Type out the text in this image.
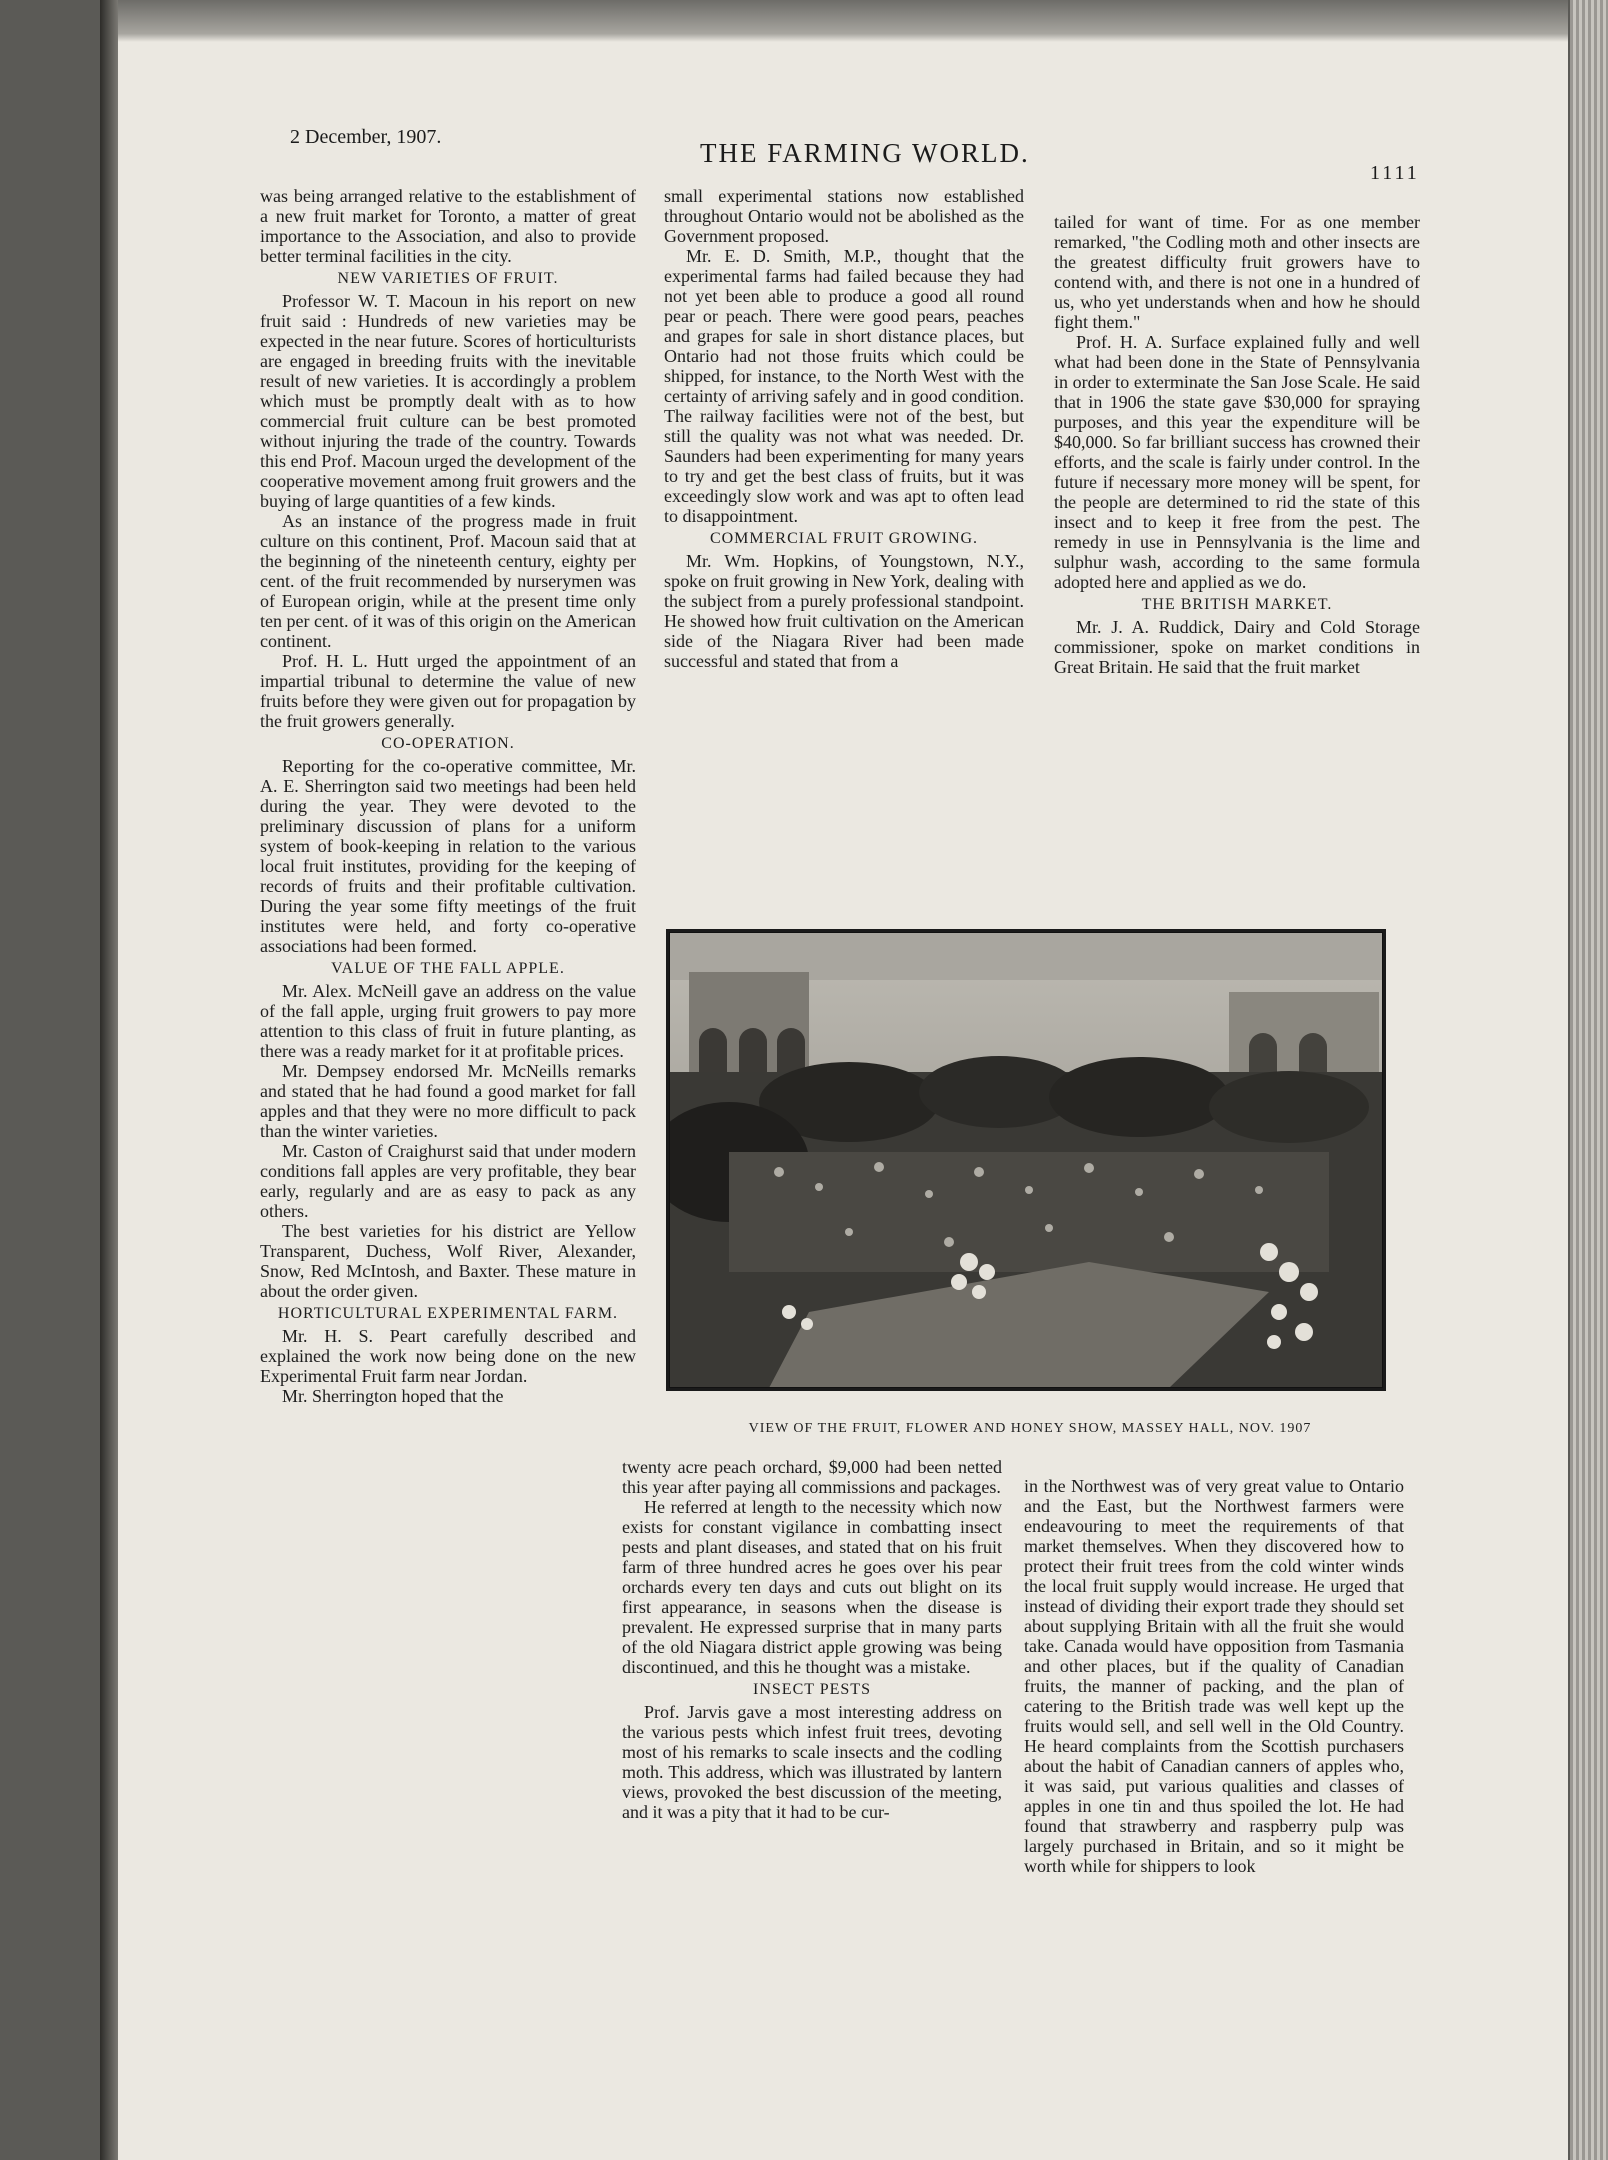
2 December, 1907.
THE FARMING WORLD.
1111

was being arranged relative to the establishment of a new fruit market for Toronto, a matter of great importance to the Association, and also to provide better terminal facilities in the city.

NEW VARIETIES OF FRUIT.

Professor W. T. Macoun in his report on new fruit said : Hundreds of new varieties may be expected in the near future. Scores of horticulturists are engaged in breeding fruits with the inevitable result of new varieties. It is accordingly a problem which must be promptly dealt with as to how commercial fruit culture can be best promoted without injuring the trade of the country. Towards this end Prof. Macoun urged the development of the cooperative movement among fruit growers and the buying of large quantities of a few kinds.

As an instance of the progress made in fruit culture on this continent, Prof. Macoun said that at the beginning of the nineteenth century, eighty per cent. of the fruit recommended by nurserymen was of European origin, while at the present time only ten per cent. of it was of this origin on the American continent.

Prof. H. L. Hutt urged the appointment of an impartial tribunal to determine the value of new fruits before they were given out for propagation by the fruit growers generally.

CO-OPERATION.

Reporting for the co-operative committee, Mr. A. E. Sherrington said two meetings had been held during the year. They were devoted to the preliminary discussion of plans for a uniform system of book-keeping in relation to the various local fruit institutes, providing for the keeping of records of fruits and their profitable cultivation. During the year some fifty meetings of the fruit institutes were held, and forty co-operative associations had been formed.

VALUE OF THE FALL APPLE.

Mr. Alex. McNeill gave an address on the value of the fall apple, urging fruit growers to pay more attention to this class of fruit in future planting, as there was a ready market for it at profitable prices.

Mr. Dempsey endorsed Mr. McNeills remarks and stated that he had found a good market for fall apples and that they were no more difficult to pack than the winter varieties.

Mr. Caston of Craighurst said that under modern conditions fall apples are very profitable, they bear early, regularly and are as easy to pack as any others.

The best varieties for his district are Yellow Transparent, Duchess, Wolf River, Alexander, Snow, Red McIntosh, and Baxter. These mature in about the order given.

HORTICULTURAL EXPERIMENTAL FARM.

Mr. H. S. Peart carefully described and explained the work now being done on the new Experimental Fruit farm near Jordan.

Mr. Sherrington hoped that the

small experimental stations now established throughout Ontario would not be abolished as the Government proposed.

Mr. E. D. Smith, M.P., thought that the experimental farms had failed because they had not yet been able to produce a good all round pear or peach. There were good pears, peaches and grapes for sale in short distance places, but Ontario had not those fruits which could be shipped, for instance, to the North West with the certainty of arriving safely and in good condition. The railway facilities were not of the best, but still the quality was not what was needed. Dr. Saunders had been experimenting for many years to try and get the best class of fruits, but it was exceedingly slow work and was apt to often lead to disappointment.

COMMERCIAL FRUIT GROWING.

Mr. Wm. Hopkins, of Youngstown, N.Y., spoke on fruit growing in New York, dealing with the subject from a purely professional standpoint. He showed how fruit cultivation on the American side of the Niagara River had been made successful and stated that from a

tailed for want of time. For as one member remarked, "the Codling moth and other insects are the greatest difficulty fruit growers have to contend with, and there is not one in a hundred of us, who yet understands when and how he should fight them."

Prof. H. A. Surface explained fully and well what had been done in the State of Pennsylvania in order to exterminate the San Jose Scale. He said that in 1906 the state gave $30,000 for spraying purposes, and this year the expenditure will be $40,000. So far brilliant success has crowned their efforts, and the scale is fairly under control. In the future if necessary more money will be spent, for the people are determined to rid the state of this insect and to keep it free from the pest. The remedy in use in Pennsylvania is the lime and sulphur wash, according to the same formula adopted here and applied as we do.

THE BRITISH MARKET.

Mr. J. A. Ruddick, Dairy and Cold Storage commissioner, spoke on market conditions in Great Britain. He said that the fruit market

VIEW OF THE FRUIT, FLOWER AND HONEY SHOW, MASSEY HALL, NOV. 1907

twenty acre peach orchard, $9,000 had been netted this year after paying all commissions and packages.

He referred at length to the necessity which now exists for constant vigilance in combatting insect pests and plant diseases, and stated that on his fruit farm of three hundred acres he goes over his pear orchards every ten days and cuts out blight on its first appearance, in seasons when the disease is prevalent. He expressed surprise that in many parts of the old Niagara district apple growing was being discontinued, and this he thought was a mistake.

INSECT PESTS

Prof. Jarvis gave a most interesting address on the various pests which infest fruit trees, devoting most of his remarks to scale insects and the codling moth. This address, which was illustrated by lantern views, provoked the best discussion of the meeting, and it was a pity that it had to be cur-

in the Northwest was of very great value to Ontario and the East, but the Northwest farmers were endeavouring to meet the requirements of that market themselves. When they discovered how to protect their fruit trees from the cold winter winds the local fruit supply would increase. He urged that instead of dividing their export trade they should set about supplying Britain with all the fruit she would take. Canada would have opposition from Tasmania and other places, but if the quality of Canadian fruits, the manner of packing, and the plan of catering to the British trade was well kept up the fruits would sell, and sell well in the Old Country. He heard complaints from the Scottish purchasers about the habit of Canadian canners of apples who, it was said, put various qualities and classes of apples in one tin and thus spoiled the lot. He had found that strawberry and raspberry pulp was largely purchased in Britain, and so it might be worth while for shippers to look
